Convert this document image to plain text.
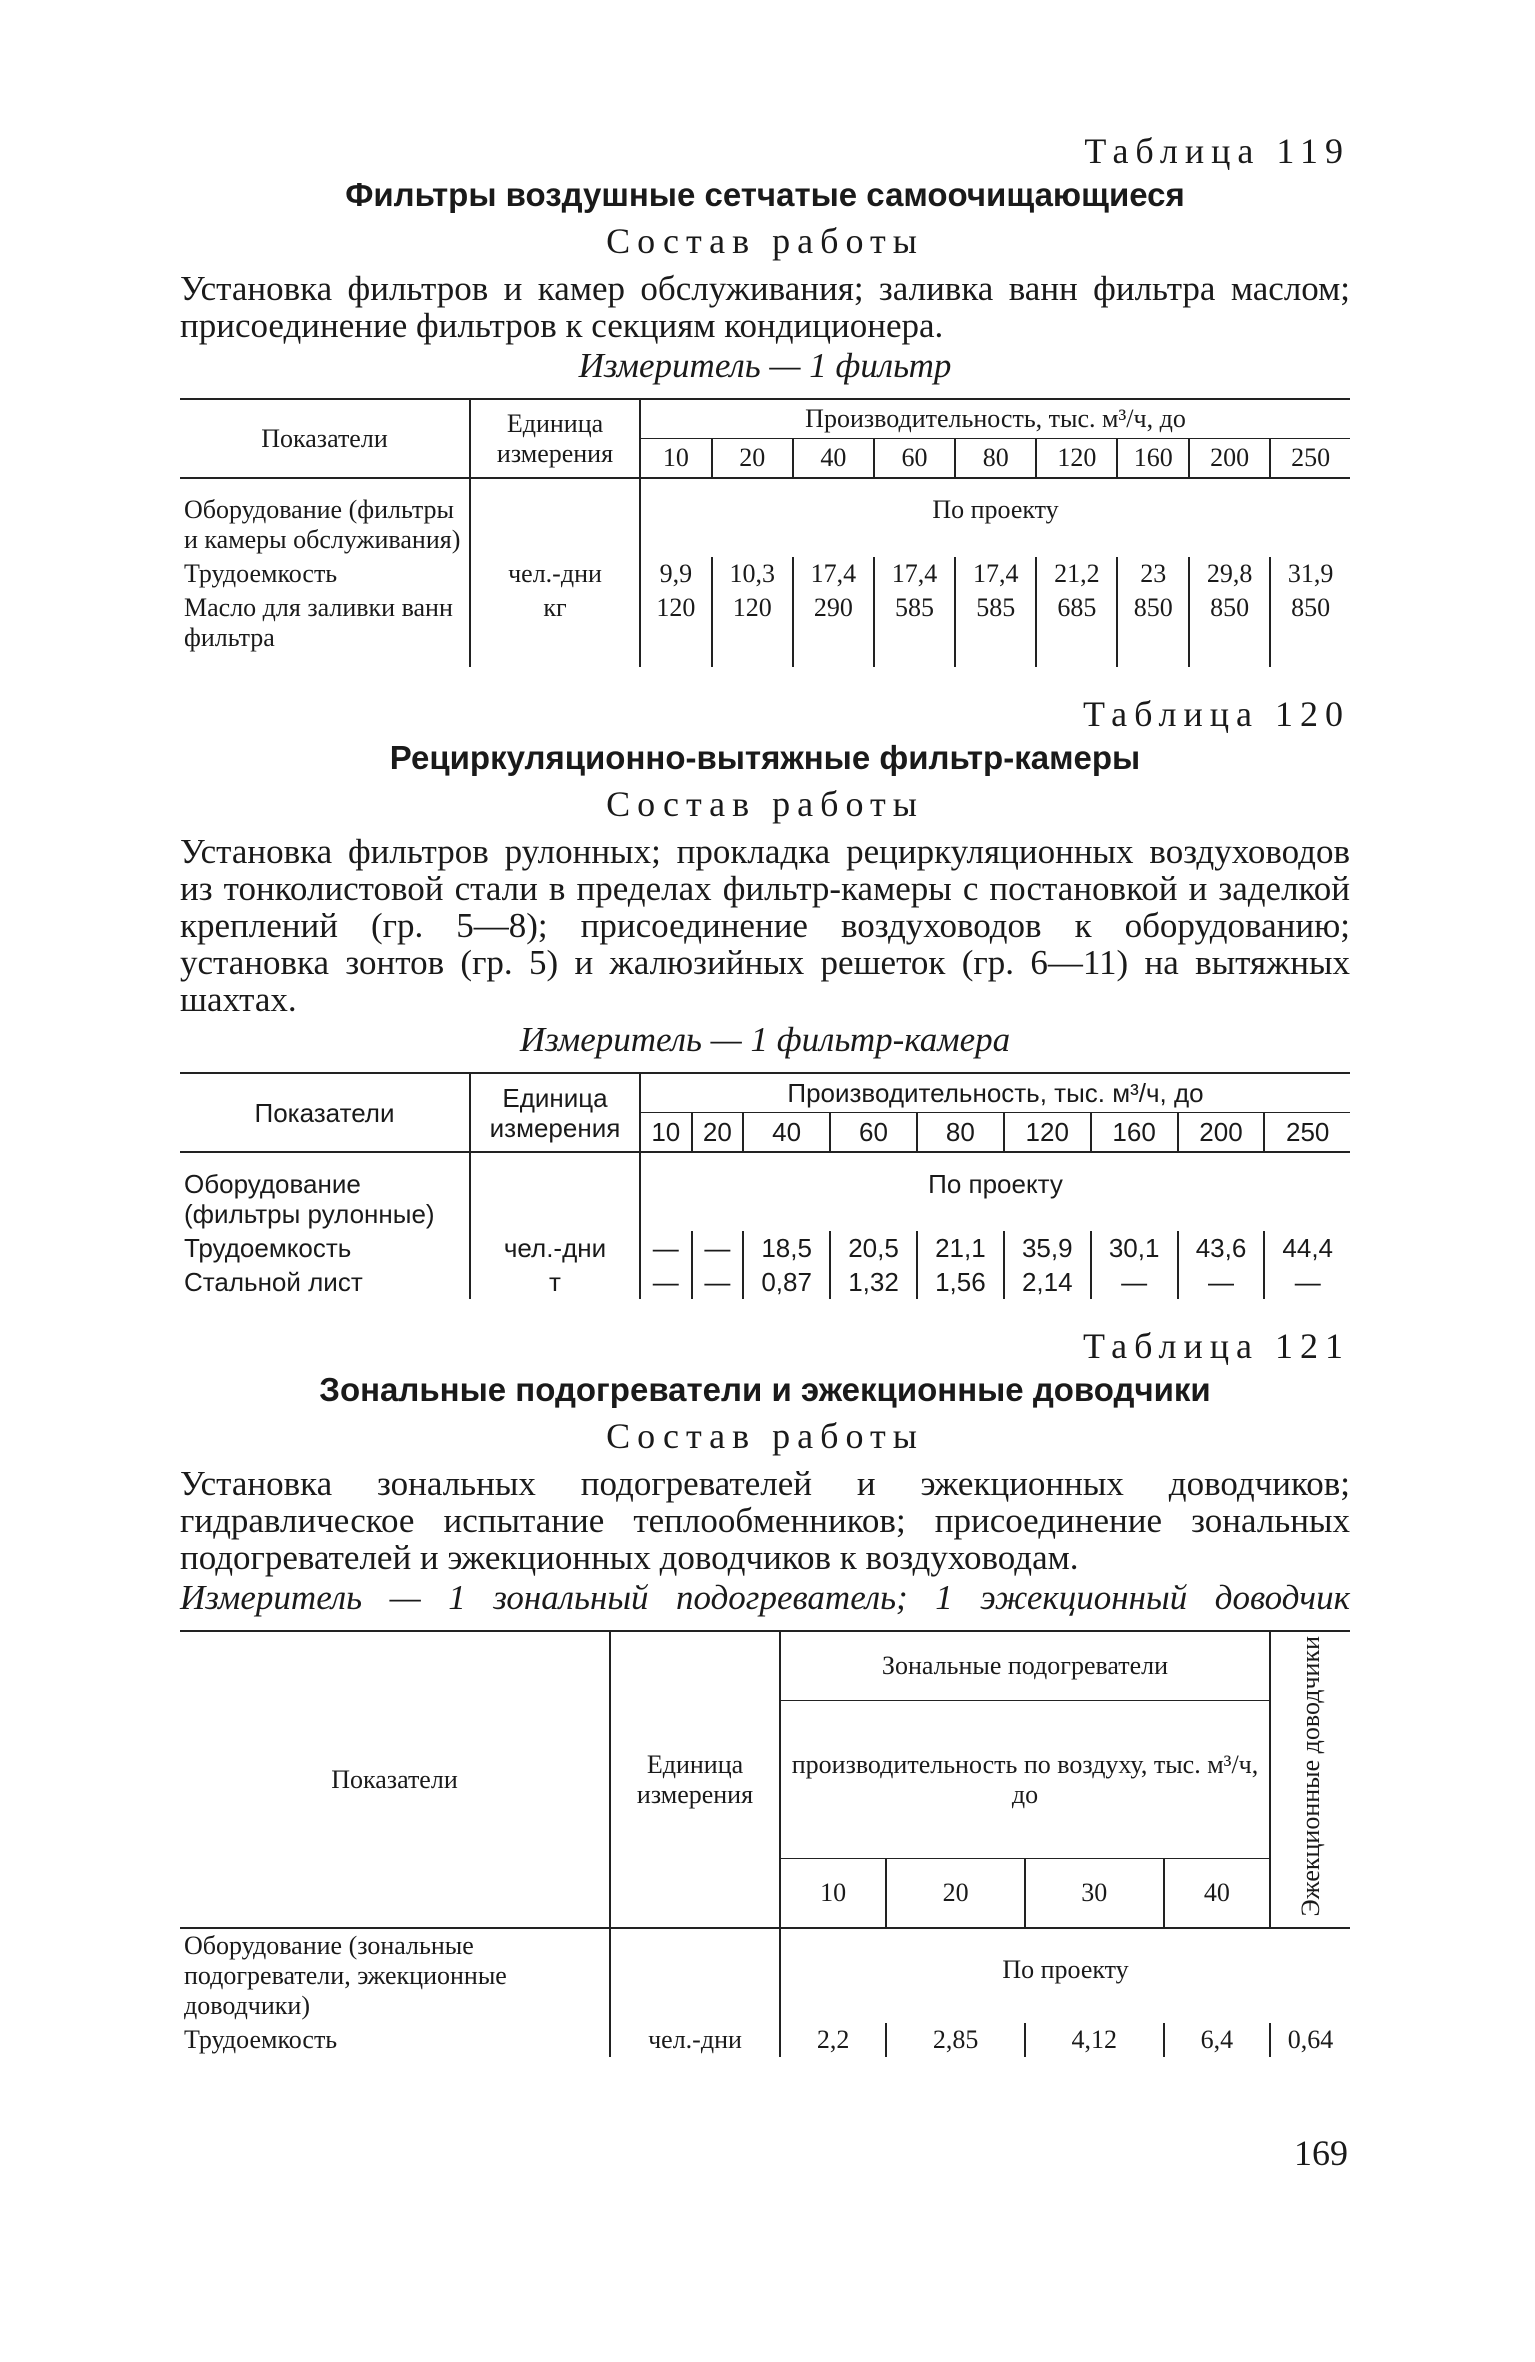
Таблица 119
Фильтры воздушные сетчатые самоочищающиеся
Состав работы

Установка фильтров и камер обслуживания; заливка ванн фильтра маслом; присоединение фильтров к секциям кондиционера.

Измеритель — 1 фильтр
Показатели	Единица измерения	Производительность, тыс. м³/ч, до								
		10	20	40	60	80	120	160	200	250

Оборудование (фильтры и камеры обслуживания)		По проекту								
Трудоемкость	чел.-дни	9,9	10,3	17,4	17,4	17,4	21,2	23	29,8	31,9
Масло для заливки ванн фильтра	кг	120	120	290	585	585	685	850	850	850
Таблица 120
Рециркуляционно-вытяжные фильтр-камеры
Состав работы

Установка фильтров рулонных; прокладка рециркуляционных воздуховодов из тонколистовой стали в пределах фильтр-камеры с постановкой и заделкой креплений (гр. 5—8); присоединение воздуховодов к оборудованию; установка зонтов (гр. 5) и жалюзийных решеток (гр. 6—11) на вытяжных шахтах.

Измеритель — 1 фильтр-камера
Показатели	Единица измерения	Производительность, тыс. м³/ч, до								
		10	20	40	60	80	120	160	200	250

Оборудование (фильтры рулонные)		По проекту								
Трудоемкость	чел.-дни	—	—	18,5	20,5	21,1	35,9	30,1	43,6	44,4
Стальной лист	т	—	—	0,87	1,32	1,56	2,14	—	—	—
Таблица 121
Зональные подогреватели и эжекционные доводчики
Состав работы

Установка зональных подогревателей и эжекционных доводчиков; гидравлическое испытание теплообменников; присоединение зональных подогревателей и эжекционных доводчиков к воздуховодам.

Измеритель — 1 зональный подогреватель; 1 эжекционный доводчик
Показатели	Единица измерения	Зональные подогреватели				Эжекционные доводчики
		производительность по воздуху, тыс. м³/ч, до				
		10	20	30	40	
Оборудование (зональные подогреватели, эжекционные доводчики)		По проекту				
Трудоемкость	чел.-дни	2,2	2,85	4,12	6,4	0,64
169
